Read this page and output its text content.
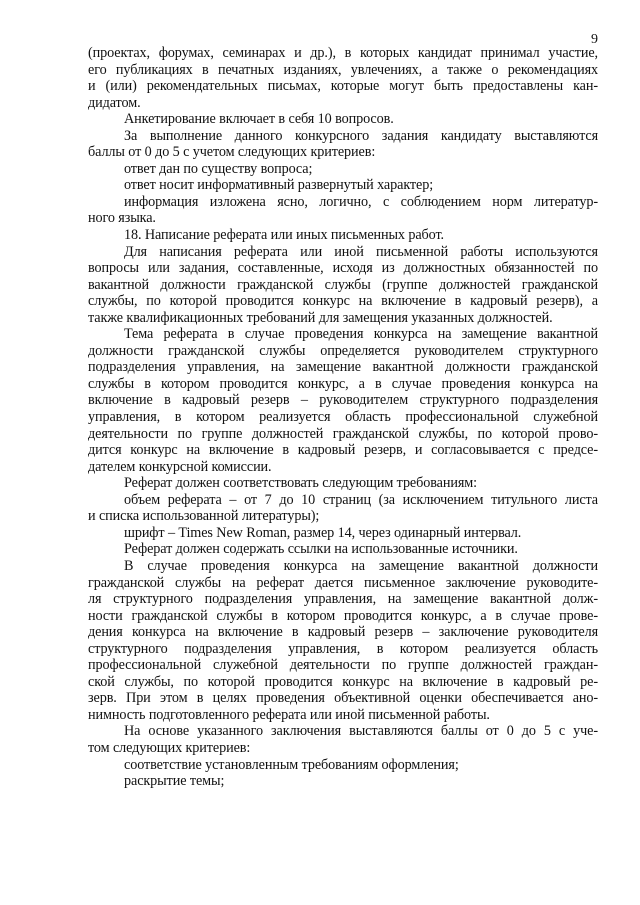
9

(проектах, форумах, семинарах и др.), в которых кандидат принимал участие,
его публикациях в печатных изданиях, увлечениях, а также о рекомендациях
и (или) рекомендательных письмах, которые могут быть предоставлены кан-
дидатом.

Анкетирование включает в себя 10 вопросов.

За выполнение данного конкурсного задания кандидату выставляются
баллы от 0 до 5 с учетом следующих критериев:

ответ дан по существу вопроса;

ответ носит информативный развернутый характер;

информация изложена ясно, логично, с соблюдением норм литератур-
ного языка.

18. Написание реферата или иных письменных работ.

Для написания реферата или иной письменной работы используются
вопросы или задания, составленные, исходя из должностных обязанностей по
вакантной должности гражданской службы (группе должностей гражданской
службы, по которой проводится конкурс на включение в кадровый резерв), а
также квалификационных требований для замещения указанных должностей.

Тема реферата в случае проведения конкурса на замещение вакантной
должности гражданской службы определяется руководителем структурного
подразделения управления, на замещение вакантной должности гражданской
службы в котором проводится конкурс, а в случае проведения конкурса на
включение в кадровый резерв – руководителем структурного подразделения
управления, в котором реализуется область профессиональной служебной
деятельности по группе должностей гражданской службы, по которой прово-
дится конкурс на включение в кадровый резерв, и согласовывается с предсе-
дателем конкурсной комиссии.

Реферат должен соответствовать следующим требованиям:

объем реферата – от 7 до 10 страниц (за исключением титульного листа
и списка использованной литературы);

шрифт – Times New Roman, размер 14, через одинарный интервал.

Реферат должен содержать ссылки на использованные источники.

В случае проведения конкурса на замещение вакантной должности
гражданской службы на реферат дается письменное заключение руководите-
ля структурного подразделения управления, на замещение вакантной долж-
ности гражданской службы в котором проводится конкурс, а в случае прове-
дения конкурса на включение в кадровый резерв – заключение руководителя
структурного подразделения управления, в котором реализуется область
профессиональной служебной деятельности по группе должностей граждан-
ской службы, по которой проводится конкурс на включение в кадровый ре-
зерв. При этом в целях проведения объективной оценки обеспечивается ано-
нимность подготовленного реферата или иной письменной работы.

На основе указанного заключения выставляются баллы от 0 до 5 с уче-
том следующих критериев:

соответствие установленным требованиям оформления;

раскрытие темы;
